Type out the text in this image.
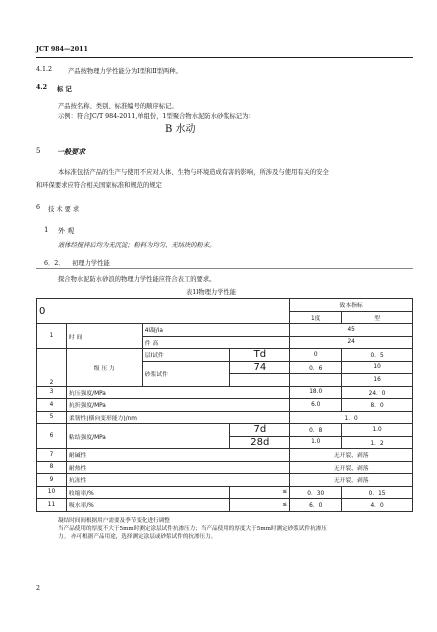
JCT 984—2011
4.1.2	产品按物理力学性能分为Ⅰ型和Ⅱ型两种。
4.2 标 记
产品按名称、类别、标准编号的顺序标记。
示例：符合JC/T 984-2011,单组份，1型聚合物水泥防水砂浆标记为：
B 水动
5 一般要求
本标准包括产品的生产与使用不应对人体、生物与环境造成有害的影响，所涉及与使用有关的安全
和环保要求应符合相关国家标准和规范的规定
6 技 术 要 求
1 外 观
液体经搅拌后均为无沉淀；粉料为均匀、无结块的粉末。
6．2． 初理力学性能
探合物水泥防水砂浪的物理力学性能应符合表工的要求。
表1l物理力学性能
0				致本指标	
				1度	型
1	时 间	4l凝/ia		45	
		件 高		24	
2	级 压 力	层l试件	Td	0	0．5
		砂浆试件	74	0．6	10
					16
3	抗压强度/MPa			18.0	24．0
4	抗折强度/MPa			6.0	8．0
5	柔韧性(横向变形能力)/nm			1．0	
6	粘结强度/MPa		7d	0．8	1.0
			28d	1.0	1．2
7	耐碱性			无开裂、剥落	
8	耐热性			无开裂、剥落	
9	抗冻性			无开裂，剥落	
10	收缩率/%		≤	0．30	0．15
11	吸水率/%		≤	6．0	4．0
凝结时间间根据用户需要及季节变化进行调整
当产品使用的厚度不大于5mm时测定涂层试件抗渗压力；当产品使用的厚度大于5mm时测定砂浆试件抗渗压
力。 亦可根据产品用途，选择测定涂层或砂浆试件的抗渗压力。
2
